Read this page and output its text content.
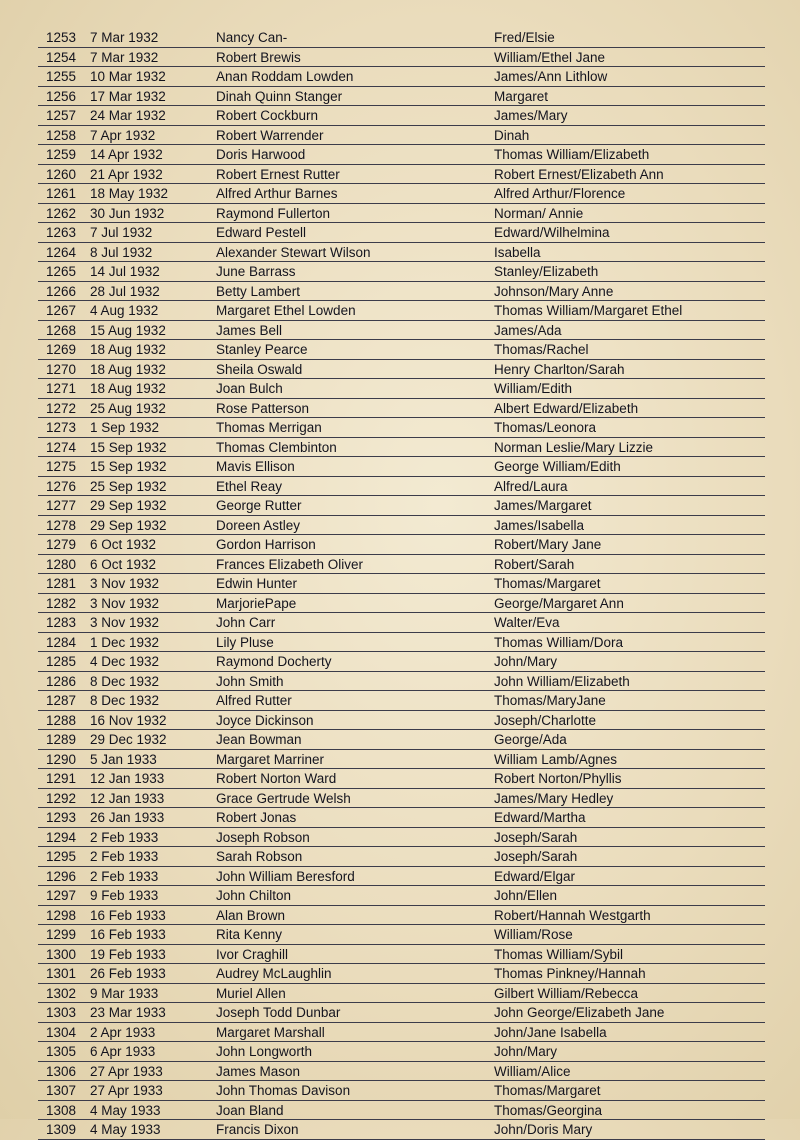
1253 7 Mar 1932	Nancy Can-	Fred/Elsie
1254 7 Mar 1932	Robert Brewis	William/Ethel Jane
1255 10 Mar 1932	Anan Roddam Lowden	James/Ann Lithlow
1256 17 Mar 1932	Dinah Quinn Stanger	Margaret
1257 24 Mar 1932	Robert Cockburn	James/Mary
1258 7 Apr 1932	Robert Warrender	Dinah
1259 14 Apr 1932	Doris Harwood	Thomas William/Elizabeth
1260 21 Apr 1932	Robert Ernest Rutter	Robert Ernest/Elizabeth Ann
1261 18 May 1932	Alfred Arthur Barnes	Alfred Arthur/Florence
1262 30 Jun 1932	Raymond Fullerton	Norman/ Annie
1263 7 Jul 1932	Edward Pestell	Edward/Wilhelmina
1264 8 Jul 1932	Alexander Stewart Wilson	Isabella
1265 14 Jul 1932	June Barrass	Stanley/Elizabeth
1266 28 Jul 1932	Betty Lambert	Johnson/Mary Anne
1267 4 Aug 1932	Margaret Ethel Lowden	Thomas William/Margaret Ethel
1268 15 Aug 1932	James Bell	James/Ada
1269 18 Aug 1932	Stanley Pearce	Thomas/Rachel
1270 18 Aug 1932	Sheila Oswald	Henry Charlton/Sarah
1271 18 Aug 1932	Joan Bulch	William/Edith
1272 25 Aug 1932	Rose Patterson	Albert Edward/Elizabeth
1273 1 Sep 1932	Thomas Merrigan	Thomas/Leonora
1274 15 Sep 1932	Thomas Clembinton	Norman Leslie/Mary Lizzie
1275 15 Sep 1932	Mavis Ellison	George William/Edith
1276 25 Sep 1932	Ethel Reay	Alfred/Laura
1277 29 Sep 1932	George Rutter	James/Margaret
1278 29 Sep 1932	Doreen Astley	James/Isabella
1279 6 Oct 1932	Gordon Harrison	Robert/Mary Jane
1280 6 Oct 1932	Frances Elizabeth Oliver	Robert/Sarah
1281 3 Nov 1932	Edwin Hunter	Thomas/Margaret
1282 3 Nov 1932	MarjoriePape	George/Margaret Ann
1283 3 Nov 1932	John Carr	Walter/Eva
1284 1 Dec 1932	Lily Pluse	Thomas William/Dora
1285 4 Dec 1932	Raymond Docherty	John/Mary
1286 8 Dec 1932	John Smith	John William/Elizabeth
1287 8 Dec 1932	Alfred Rutter	Thomas/MaryJane
1288 16 Nov 1932	Joyce Dickinson	Joseph/Charlotte
1289 29 Dec 1932	Jean Bowman	George/Ada
1290 5 Jan 1933	Margaret Marriner	William Lamb/Agnes
1291 12 Jan 1933	Robert Norton Ward	Robert Norton/Phyllis
1292 12 Jan 1933	Grace Gertrude Welsh	James/Mary Hedley
1293 26 Jan 1933	Robert Jonas	Edward/Martha
1294 2 Feb 1933	Joseph Robson	Joseph/Sarah
1295 2 Feb 1933	Sarah Robson	Joseph/Sarah
1296 2 Feb 1933	John William Beresford	Edward/Elgar
1297 9 Feb 1933	John Chilton	John/Ellen
1298 16 Feb 1933	Alan Brown	Robert/Hannah Westgarth
1299 16 Feb 1933	Rita Kenny	William/Rose
1300 19 Feb 1933	Ivor Craghill	Thomas William/Sybil
1301 26 Feb 1933	Audrey McLaughlin	Thomas Pinkney/Hannah
1302 9 Mar 1933	Muriel Allen	Gilbert William/Rebecca
1303 23 Mar 1933	Joseph Todd Dunbar	John George/Elizabeth Jane
1304 2 Apr 1933	Margaret Marshall	John/Jane Isabella
1305 6 Apr 1933	John Longworth	John/Mary
1306 27 Apr 1933	James Mason	William/Alice
1307 27 Apr 1933	John Thomas Davison	Thomas/Margaret
1308 4 May 1933	Joan Bland	Thomas/Georgina
1309 4 May 1933	Francis Dixon	John/Doris Mary
